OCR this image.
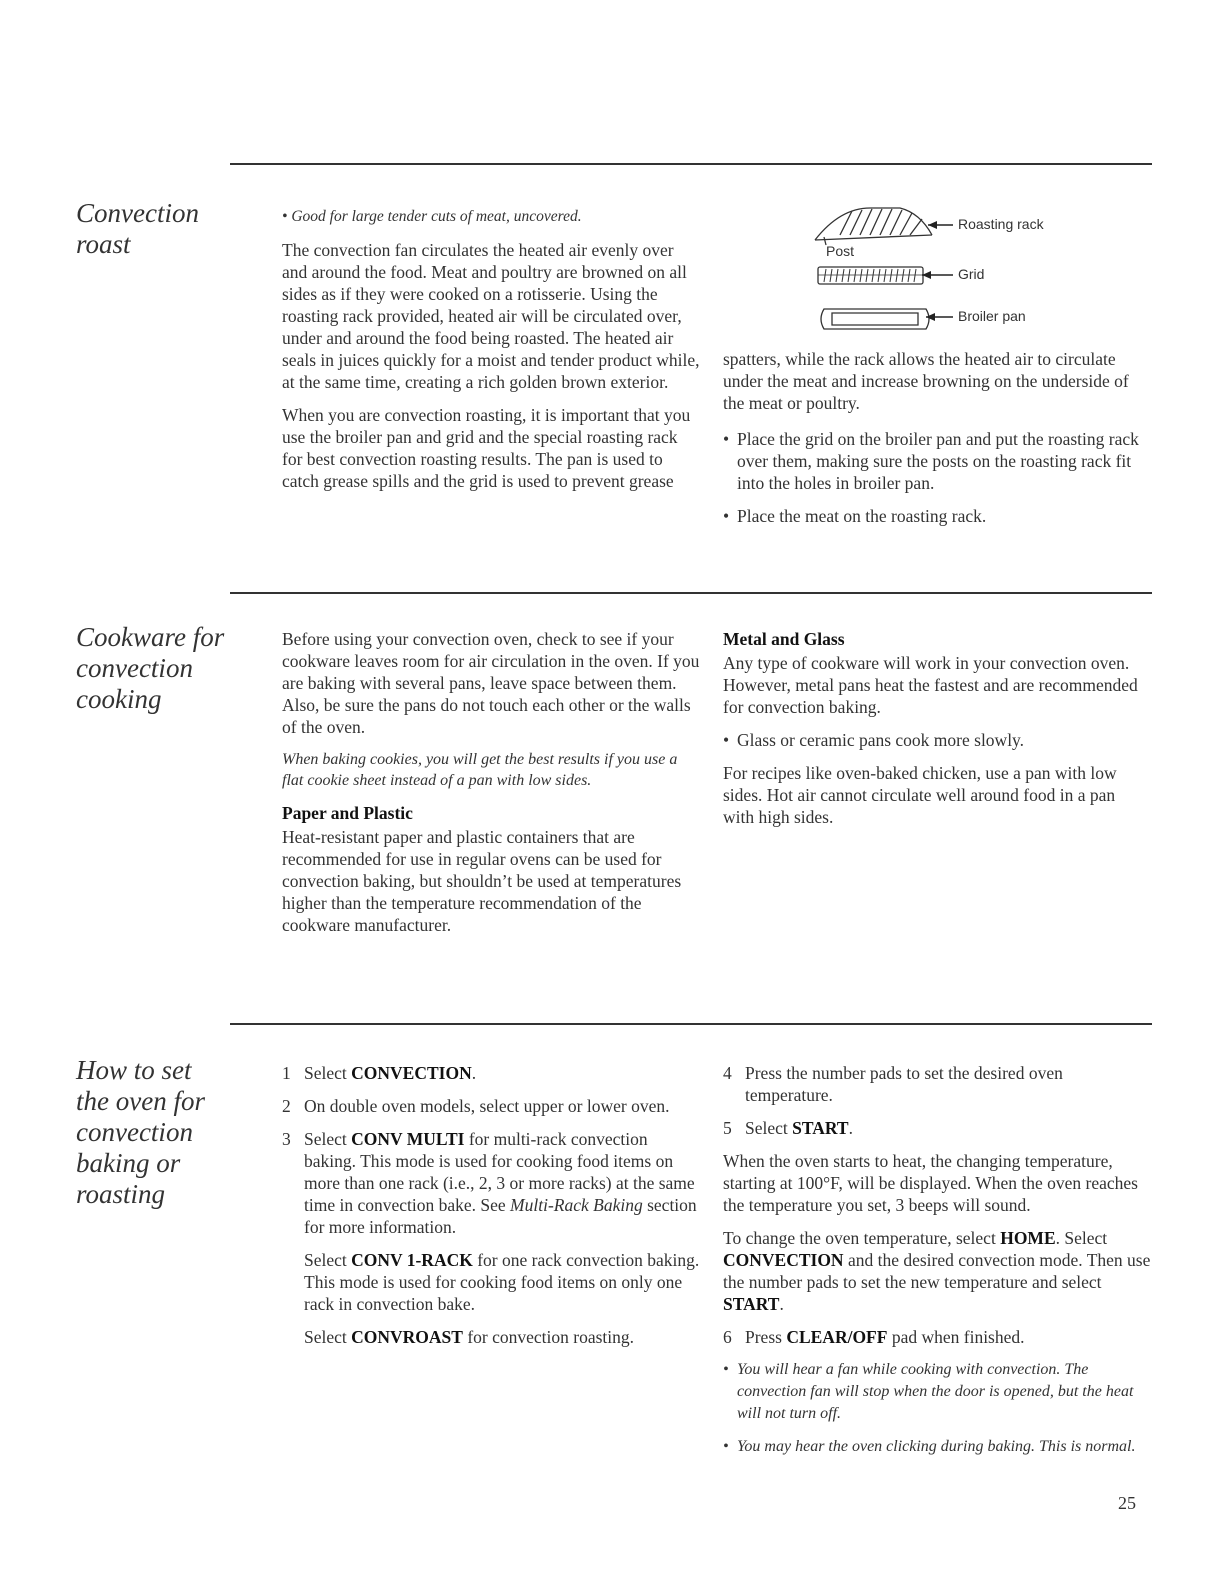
Convection roast

• Good for large tender cuts of meat, uncovered.

The convection fan circulates the heated air evenly over and around the food. Meat and poultry are browned on all sides as if they were cooked on a rotisserie. Using the roasting rack provided, heated air will be circulated over, under and around the food being roasted. The heated air seals in juices quickly for a moist and tender product while, at the same time, creating a rich golden brown exterior.

When you are convection roasting, it is important that you use the broiler pan and grid and the special roasting rack for best convection roasting results. The pan is used to catch grease spills and the grid is used to prevent grease

Roasting rack
Post
Grid
Broiler pan

spatters, while the rack allows the heated air to circulate under the meat and increase browning on the underside of the meat or poultry.

• Place the grid on the broiler pan and put the roasting rack over them, making sure the posts on the roasting rack fit into the holes in broiler pan.
• Place the meat on the roasting rack.
Cookware for convection cooking

Before using your convection oven, check to see if your cookware leaves room for air circulation in the oven. If you are baking with several pans, leave space between them. Also, be sure the pans do not touch each other or the walls of the oven.

When baking cookies, you will get the best results if you use a flat cookie sheet instead of a pan with low sides.

Paper and Plastic

Heat-resistant paper and plastic containers that are recommended for use in regular ovens can be used for convection baking, but shouldn’t be used at temperatures higher than the temperature recommendation of the cookware manufacturer.

Metal and Glass

Any type of cookware will work in your convection oven. However, metal pans heat the fastest and are recommended for convection baking.

• Glass or ceramic pans cook more slowly.

For recipes like oven-baked chicken, use a pan with low sides. Hot air cannot circulate well around food in a pan with high sides.

How to set the oven for convection baking or roasting
1 Select CONVECTION.
2 On double oven models, select upper or lower oven.
3 Select CONV MULTI for multi-rack convection baking. This mode is used for cooking food items on more than one rack (i.e., 2, 3 or more racks) at the same time in convection bake. See Multi-Rack Baking section for more information.
Select CONV 1-RACK for one rack convection baking. This mode is used for cooking food items on only one rack in convection bake.
Select CONVROAST for convection roasting.
4 Press the number pads to set the desired oven temperature.
5 Select START.

When the oven starts to heat, the changing temperature, starting at 100°F, will be displayed. When the oven reaches the temperature you set, 3 beeps will sound.

To change the oven temperature, select HOME. Select CONVECTION and the desired convection mode. Then use the number pads to set the new temperature and select START.

6 Press CLEAR/OFF pad when finished.
• You will hear a fan while cooking with convection. The convection fan will stop when the door is opened, but the heat will not turn off.
• You may hear the oven clicking during baking. This is normal.
25
